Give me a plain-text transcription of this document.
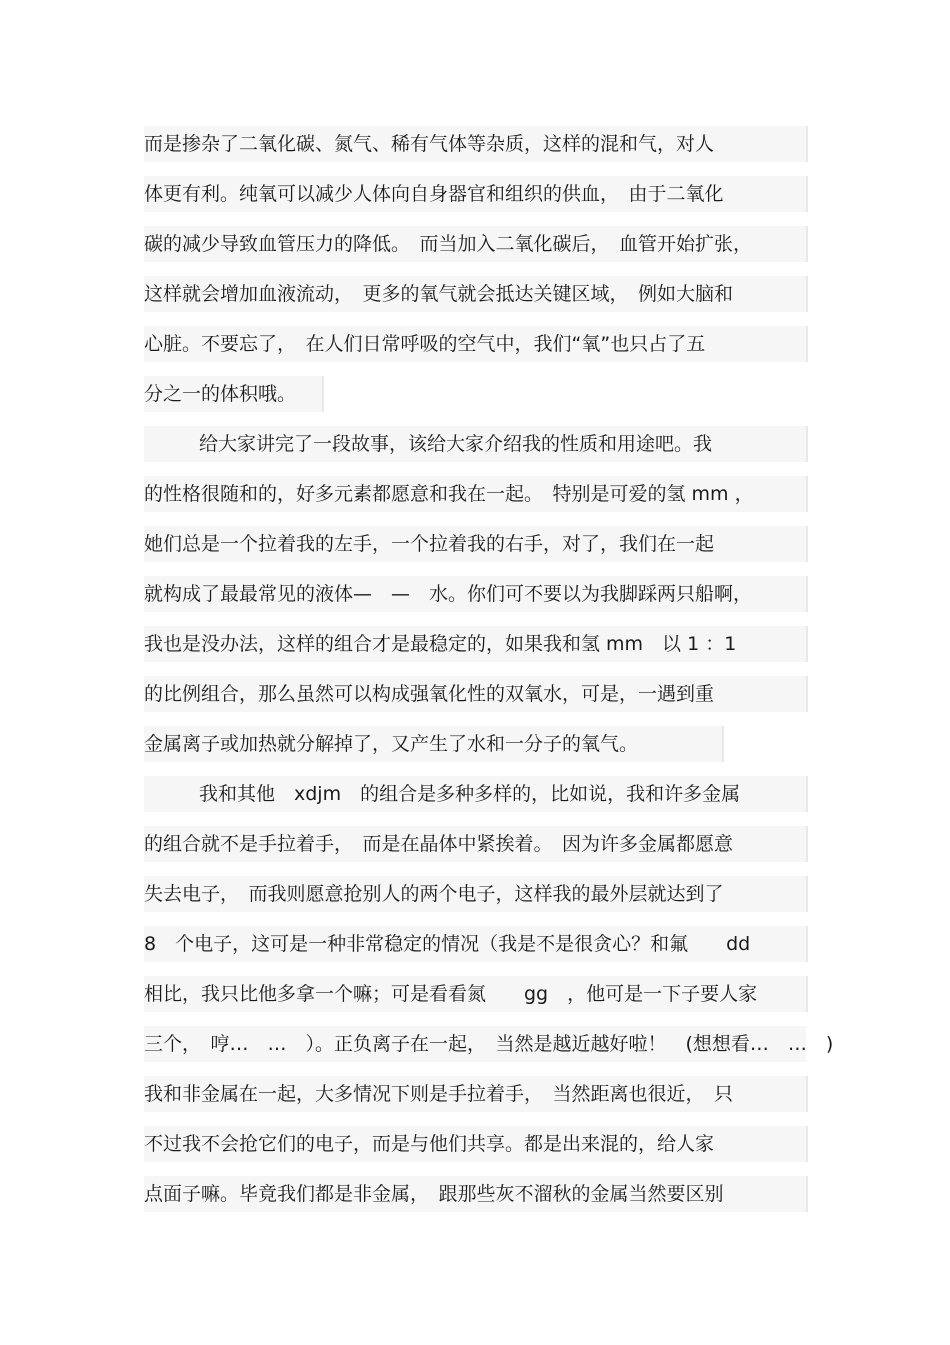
而是掺杂了二氧化碳、氮气、稀有气体等杂质，这样的混和气，对人
体更有利。纯氧可以减少人体向自身器官和组织的供血，　由于二氧化
碳的减少导致血管压力的降低。　而当加入二氧化碳后，　血管开始扩张，
这样就会增加血液流动，　更多的氧气就会抵达关键区域，　例如大脑和
心脏。不要忘了，　在人们日常呼吸的空气中，我们“氧”也只占了五
分之一的体积哦。
给大家讲完了一段故事，该给大家介绍我的性质和用途吧。我
的性格很随和的，好多元素都愿意和我在一起。　特别是可爱的氢 mm ，
她们总是一个拉着我的左手，一个拉着我的右手，对了，我们在一起
就构成了最最常见的液体—　—　水。你们可不要以为我脚踩两只船啊，
我也是没办法，这样的组合才是最稳定的，如果我和氢 mm　以 1 ：1
的比例组合，那么虽然可以构成强氧化性的双氧水，可是，一遇到重
金属离子或加热就分解掉了，又产生了水和一分子的氧气。
我和其他　xdjm　的组合是多种多样的，比如说，我和许多金属
的组合就不是手拉着手，　而是在晶体中紧挨着。　因为许多金属都愿意
失去电子，　而我则愿意抢别人的两个电子，这样我的最外层就达到了
8　个电子，这可是一种非常稳定的情况（我是不是很贪心？和氟　　dd
相比，我只比他多拿一个嘛；可是看看氮　　gg　，他可是一下子要人家
三个，　哼…　…　）。正负离子在一起，　当然是越近越好啦！　(想想看…　…　)
我和非金属在一起，大多情况下则是手拉着手，　当然距离也很近，　只
不过我不会抢它们的电子，而是与他们共享。都是出来混的，给人家
点面子嘛。毕竟我们都是非金属，　跟那些灰不溜秋的金属当然要区别
